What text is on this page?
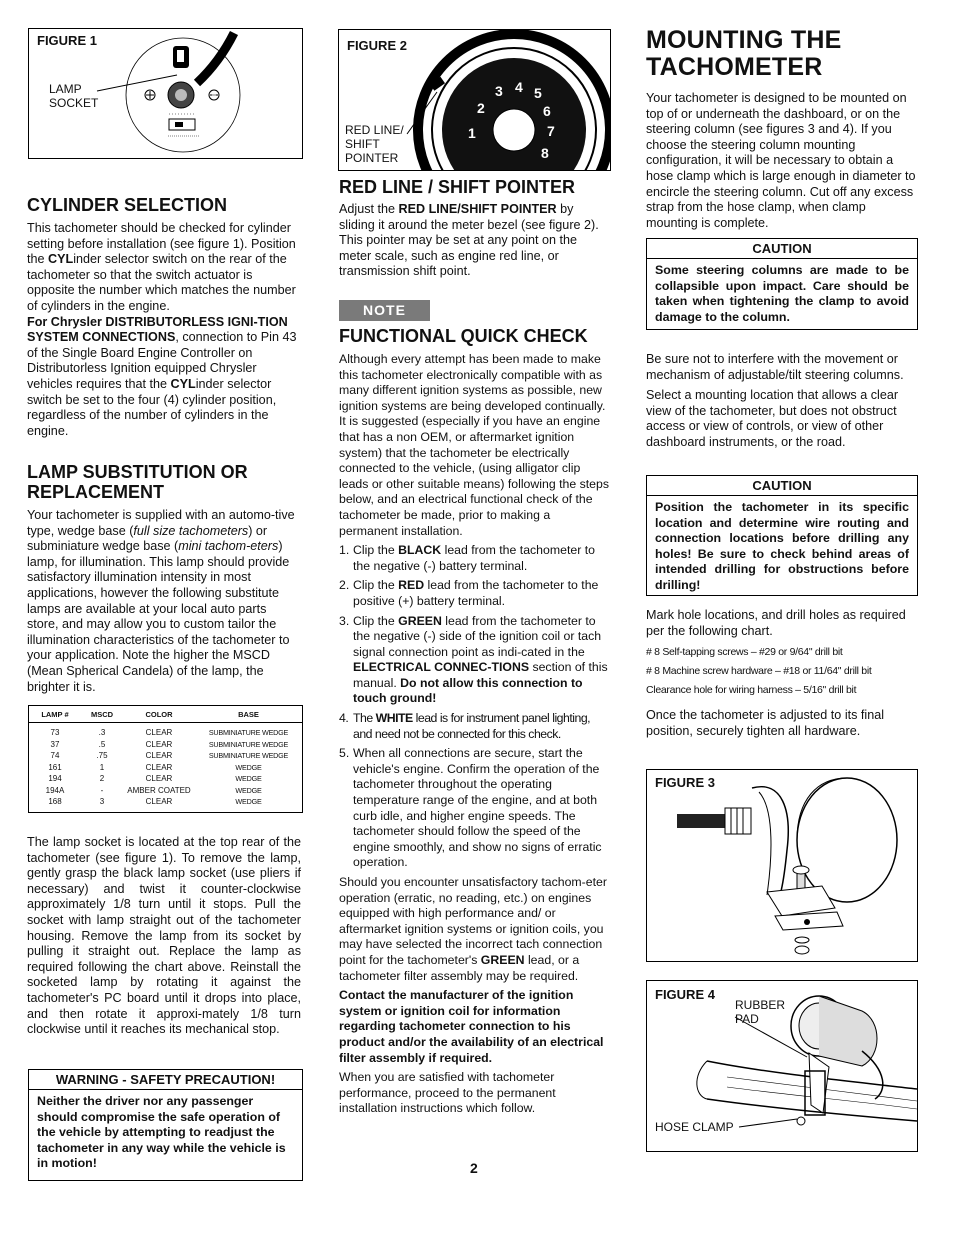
FIGURE 1
LAMP
SOCKET
CYLINDER SELECTION

This tachometer should be checked for cylinder setting before installation (see figure 1). Position the CYLinder selector switch on the rear of the tachometer so that the switch actuator is opposite the number which matches the number of cylinders in the engine.

For Chrysler DISTRIBUTORLESS IGNI-TION SYSTEM CONNECTIONS, connection to Pin 43 of the Single Board Engine Controller on Distributorless Ignition equipped Chrysler vehicles requires that the CYLinder selector switch be set to the four (4) cylinder position, regardless of the number of cylinders in the engine.

LAMP SUBSTITUTION OR REPLACEMENT

Your tachometer is supplied with an automo-tive type, wedge base (full size tachometers) or subminiature wedge base (mini tachom-eters) lamp, for illumination. This lamp should provide satisfactory illumination intensity in most applications, however the following substitute lamps are available at your local auto parts store, and may allow you to custom tailor the illumination characteristics of the tachometer to your application. Note the higher the MSCD (Mean Spherical Candela) of the lamp, the brighter it is.

LAMP #	MSCD	COLOR	BASE
73	.3	CLEAR	SUBMINIATURE WEDGE
37	.5	CLEAR	SUBMINIATURE WEDGE
74	.75	CLEAR	SUBMINIATURE WEDGE
161	1	CLEAR	WEDGE
194	2	CLEAR	WEDGE
194A	-	AMBER COATED	WEDGE
168	3	CLEAR	WEDGE
The lamp socket is located at the top rear of the tachometer (see figure 1). To remove the lamp, gently grasp the black lamp socket (use pliers if necessary) and twist it counter-clockwise approximately 1/8 turn until it stops. Pull the socket with lamp straight out of the tachometer housing. Remove the lamp from its socket by pulling it straight out. Replace the lamp as required following the chart above. Reinstall the socketed lamp by rotating it against the tachometer's PC board until it drops into place, and then rotate it approxi-mately 1/8 turn clockwise until it reaches its mechanical stop.
WARNING - SAFETY PRECAUTION!
Neither the driver nor any passenger should compromise the safe operation of the vehicle by attempting to readjust the tachometer in any way while the vehicle is in motion!
1
2
3 4 5
6
7
8
FIGURE 2
RED LINE/
SHIFT
POINTER
RED LINE / SHIFT POINTER

Adjust the RED LINE/SHIFT POINTER by sliding it around the meter bezel (see figure 2). This pointer may be set at any point on the meter scale, such as engine red line, or transmission shift point.

NOTE
FUNCTIONAL QUICK CHECK

Although every attempt has been made to make this tachometer electronically compatible with as many different ignition systems as possible, new ignition systems are being developed continually. It is suggested (especially if you have an engine that has a non OEM, or aftermarket ignition system) that the tachometer be electrically connected to the vehicle, (using alligator clip leads or other suitable means) following the steps below, and an electrical functional check of the tachometer be made, prior to making a permanent installation.

1. Clip the BLACK lead from the tachometer to the negative (-) battery terminal.
2. Clip the RED lead from the tachometer to the positive (+) battery terminal.
3. Clip the GREEN lead from the tachometer to the negative (-) side of the ignition coil or tach signal connection point as indi-cated in the ELECTRICAL CONNEC-TIONS section of this manual. Do not allow this connection to touch ground!
4. The WHITE lead is for instrument panel lighting, and need not be connected for this check.
5. When all connections are secure, start the vehicle's engine. Confirm the operation of the tachometer throughout the operating temperature range of the engine, and at both curb idle, and higher engine speeds. The tachometer should follow the speed of the engine smoothly, and show no signs of erratic operation.

Should you encounter unsatisfactory tachom-eter operation (erratic, no reading, etc.) on engines equipped with high performance and/ or aftermarket ignition systems or ignition coils, you may have selected the incorrect tach connection point for the tachometer's GREEN lead, or a tachometer filter assembly may be required.

Contact the manufacturer of the ignition system or ignition coil for information regarding tachometer connection to his product and/or the availability of an electrical filter assembly if required.

When you are satisfied with tachometer performance, proceed to the permanent installation instructions which follow.

2
MOUNTING THE TACHOMETER
Your tachometer is designed to be mounted on top of or underneath the dashboard, or on the steering column (see figures 3 and 4). If you choose the steering column mounting configuration, it will be necessary to obtain a hose clamp which is large enough in diameter to encircle the steering column. Cut off any excess strap from the hose clamp, when clamp mounting is complete.
CAUTION
Some steering columns are made to be collapsible upon impact. Care should be taken when tightening the clamp to avoid damage to the column.

Be sure not to interfere with the movement or mechanism of adjustable/tilt steering columns.

Select a mounting location that allows a clear view of the tachometer, but does not obstruct access or view of controls, or view of other dashboard instruments, or the road.

CAUTION
Position the tachometer in its specific location and determine wire routing and connection locations before drilling any holes! Be sure to check behind areas of intended drilling for obstructions before drilling!

Mark hole locations, and drill holes as required per the following chart.

# 8 Self-tapping screws – #29 or 9/64" drill bit
# 8 Machine screw hardware – #18 or 11/64" drill bit
Clearance hole for wiring harness – 5/16" drill bit

Once the tachometer is adjusted to its final position, securely tighten all hardware.

FIGURE 3
FIGURE 4
RUBBER
PAD
HOSE CLAMP
